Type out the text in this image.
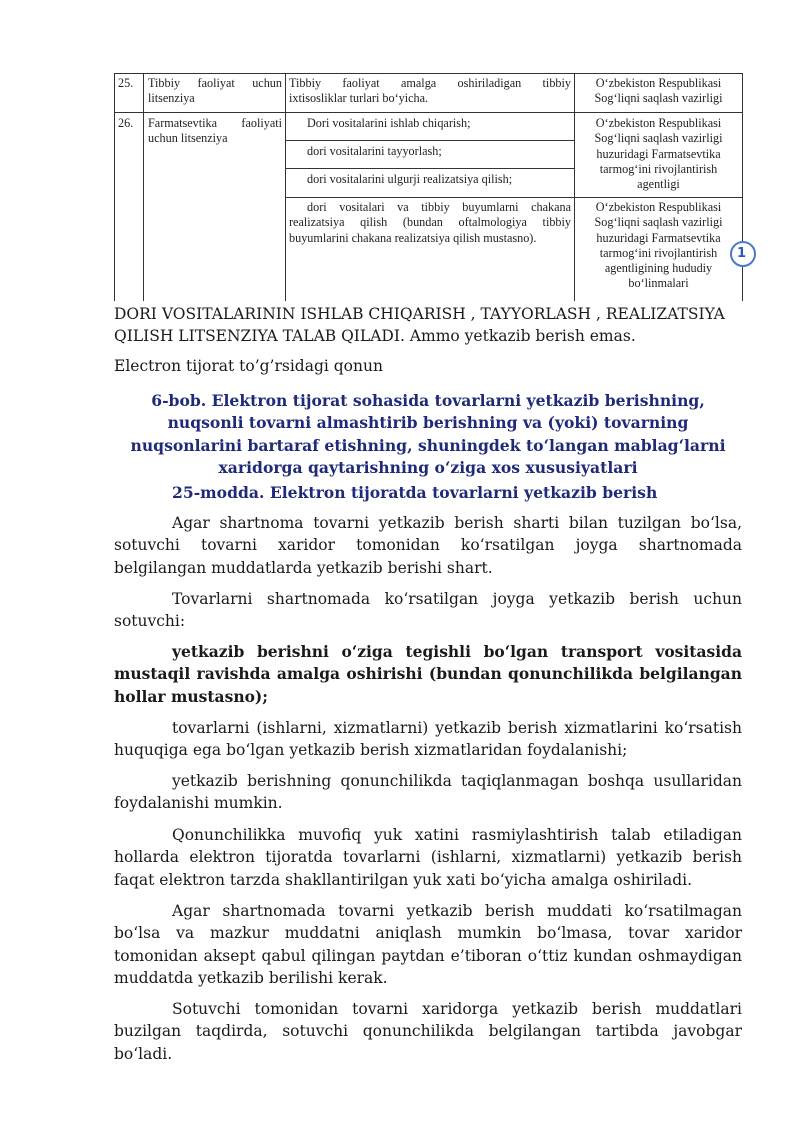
25.	Tibbiy faoliyat uchun
litsenziya
Tibbiy faoliyat amalga oshiriladigan tibbiy
ixtisosliklar turlari bo‘yicha.
O‘zbekiston Respublikasi
Sog‘liqni saqlash vazirligi
26.	Farmatsevtika faoliyati
uchun litsenziya
Dori vositalarini ishlab chiqarish;
dori vositalarini tayyorlash;
dori vositalarini ulgurji realizatsiya qilish;
dori vositalari va tibbiy buyumlarni chakana
realizatsiya qilish (bundan oftalmologiya tibbiy
buyumlarini chakana realizatsiya qilish mustasno).
O‘zbekiston Respublikasi
Sog‘liqni saqlash vazirligi
huzuridagi Farmatsevtika
tarmog‘ini rivojlantirish
agentligi
O‘zbekiston Respublikasi
Sog‘liqni saqlash vazirligi
huzuridagi Farmatsevtika
tarmog‘ini rivojlantirish
agentligining hududiy
bo‘linmalari
1
DORI VOSITALARININ ISHLAB CHIQARISH , TAYYORLASH , REALIZATSIYA QILISH LITSENZIYA TALAB QILADI. Ammo yetkazib berish emas.
Electron tijorat to’g’rsidagi qonun
6-bob. Elektron tijorat sohasida tovarlarni yetkazib berishning, nuqsonli tovarni almashtirib berishning va (yoki) tovarning nuqsonlarini bartaraf etishning, shuningdek to‘langan mablag‘larni xaridorga qaytarishning o‘ziga xos xususiyatlari
25-modda. Elektron tijoratda tovarlarni yetkazib berish
Agar shartnoma tovarni yetkazib berish sharti bilan tuzilgan bo‘lsa, sotuvchi tovarni xaridor tomonidan ko‘rsatilgan joyga shartnomada belgilangan muddatlarda yetkazib berishi shart.
Tovarlarni shartnomada ko‘rsatilgan joyga yetkazib berish uchun sotuvchi:
yetkazib berishni o‘ziga tegishli bo‘lgan transport vositasida mustaqil ravishda amalga oshirishi (bundan qonunchilikda belgilangan hollar mustasno);
tovarlarni (ishlarni, xizmatlarni) yetkazib berish xizmatlarini ko‘rsatish huquqiga ega bo‘lgan yetkazib berish xizmatlaridan foydalanishi;
yetkazib berishning qonunchilikda taqiqlanmagan boshqa usullaridan foydalanishi mumkin.
Qonunchilikka muvofiq yuk xatini rasmiylashtirish talab etiladigan hollarda elektron tijoratda tovarlarni (ishlarni, xizmatlarni) yetkazib berish faqat elektron tarzda shakllantirilgan yuk xati bo‘yicha amalga oshiriladi.
Agar shartnomada tovarni yetkazib berish muddati ko‘rsatilmagan bo‘lsa va mazkur muddatni aniqlash mumkin bo‘lmasa, tovar xaridor tomonidan aksept qabul qilingan paytdan e’tiboran o‘ttiz kundan oshmaydigan muddatda yetkazib berilishi kerak.
Sotuvchi tomonidan tovarni xaridorga yetkazib berish muddatlari buzilgan taqdirda, sotuvchi qonunchilikda belgilangan tartibda javobgar bo‘ladi.
